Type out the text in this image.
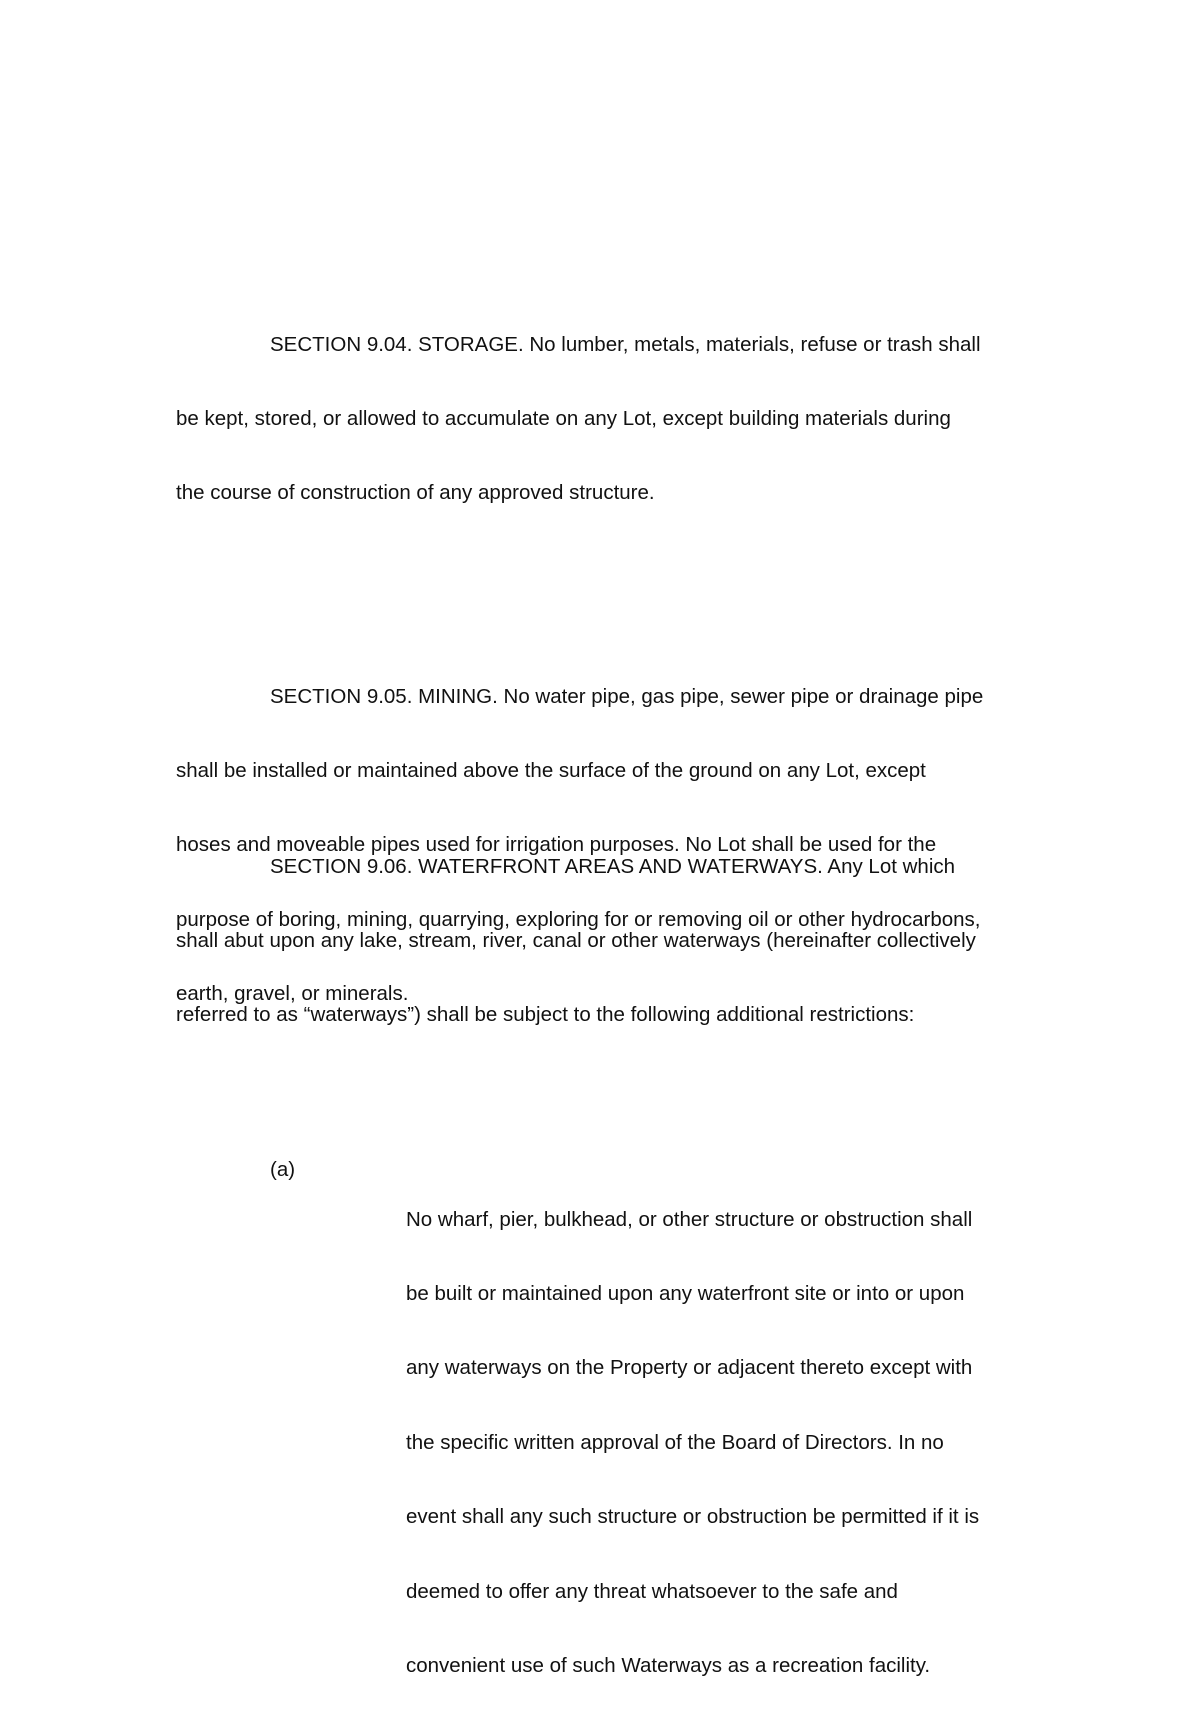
SECTION 9.04. STORAGE. No lumber, metals, materials, refuse or trash shall

be kept, stored, or allowed to accumulate on any Lot, except building materials during

the course of construction of any approved structure.

SECTION 9.05. MINING. No water pipe, gas pipe, sewer pipe or drainage pipe

shall be installed or maintained above the surface of the ground on any Lot, except

hoses and moveable pipes used for irrigation purposes. No Lot shall be used for the

purpose of boring, mining, quarrying, exploring for or removing oil or other hydrocarbons,

earth, gravel, or minerals.

SECTION 9.06. WATERFRONT AREAS AND WATERWAYS. Any Lot which

shall abut upon any lake, stream, river, canal or other waterways (hereinafter collectively

referred to as “waterways”) shall be subject to the following additional restrictions:

(a)

No wharf, pier, bulkhead, or other structure or obstruction shall

be built or maintained upon any waterfront site or into or upon

any waterways on the Property or adjacent thereto except with

the specific written approval of the Board of Directors. In no

event shall any such structure or obstruction be permitted if it is

deemed to offer any threat whatsoever to the safe and

convenient use of such Waterways as a recreation facility.
